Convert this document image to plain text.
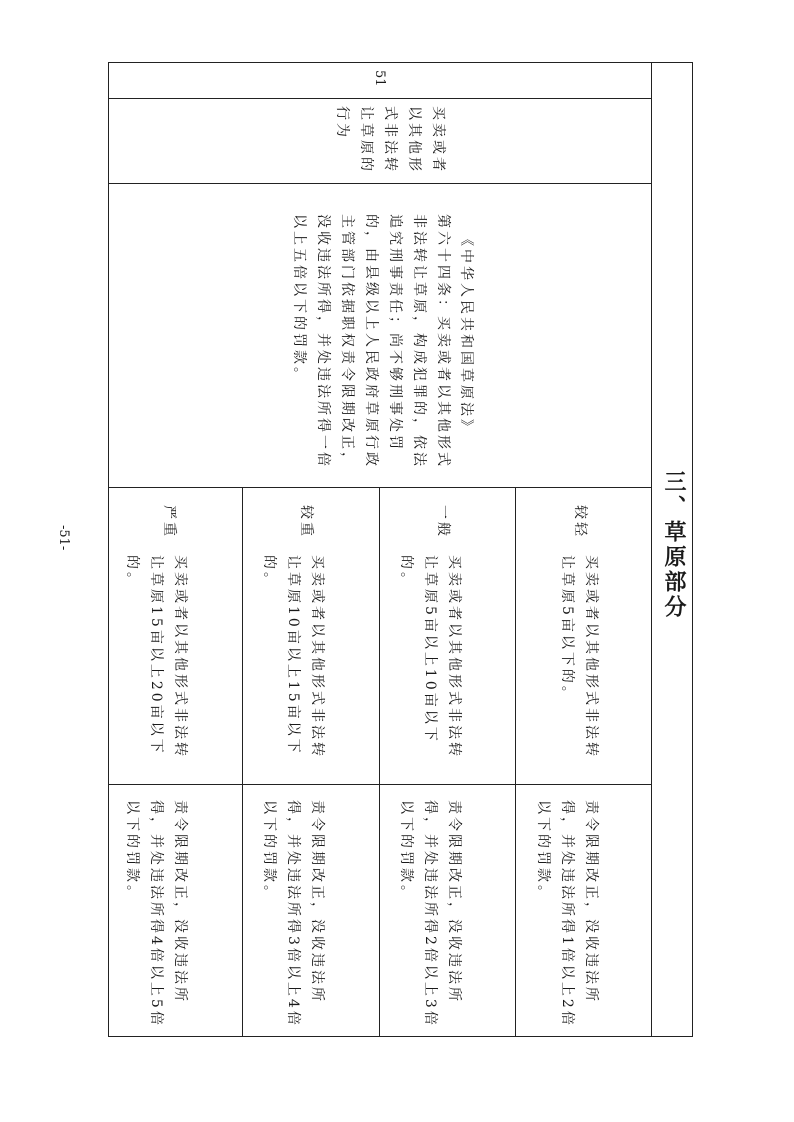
三、草原部分

-51-

51

买卖或者以其他形式非法转让草原的行为

《中华人民共和国草原法》

第六十四条：买卖或者以其他形式非法转让草原，构成犯罪的，依法追究刑事责任；尚不够刑事处罚的，由县级以上人民政府草原行政主管部门依据职权责令限期改正，没收违法所得，并处违法所得一倍以上五倍以下的罚款。

较轻

一般

较重

严重

买卖或者以其他形式非法转让草原5亩以下的。

买卖或者以其他形式非法转让草原5亩以上10亩以下的。

买卖或者以其他形式非法转让草原10亩以上15亩以下的。

买卖或者以其他形式非法转让草原15亩以上20亩以下的。

责令限期改正，没收违法所得，并处违法所得1倍以上2倍以下的罚款。

责令限期改正，没收违法所得，并处违法所得2倍以上3倍以下的罚款。

责令限期改正，没收违法所得，并处违法所得3倍以上4倍以下的罚款。

责令限期改正，没收违法所得，并处违法所得4倍以上5倍以下的罚款。
